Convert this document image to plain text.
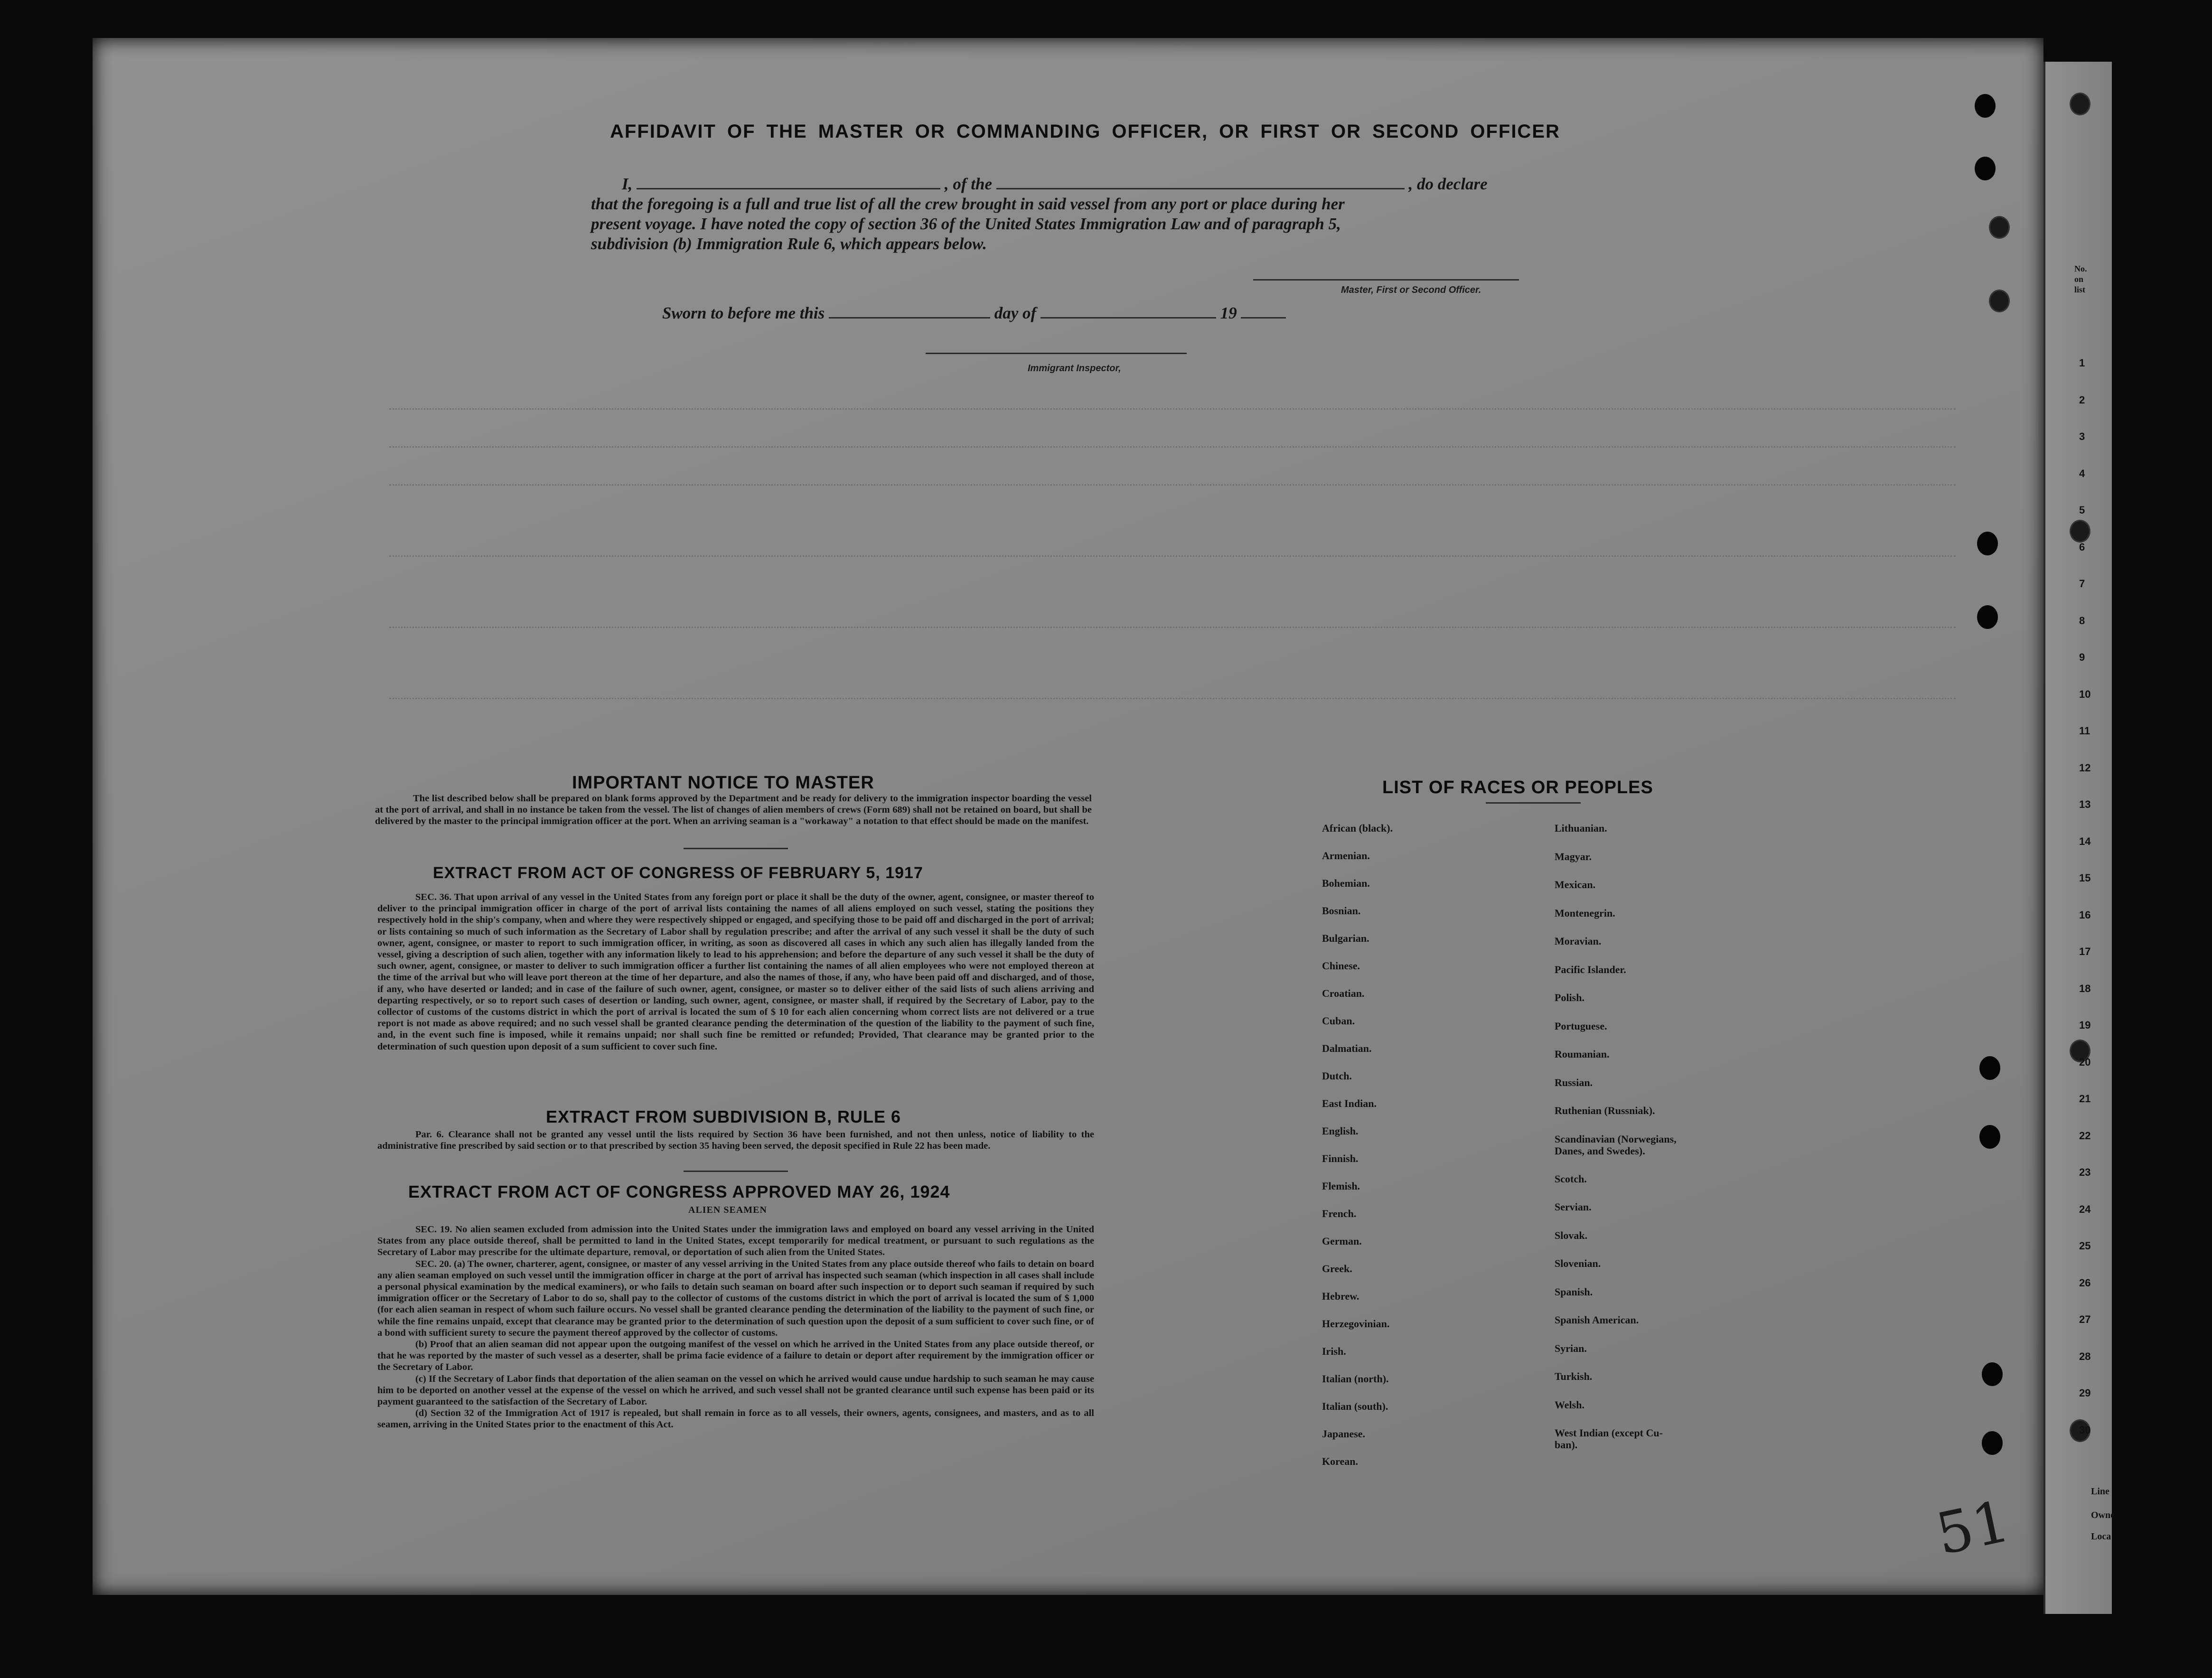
1
2
3
4
5
6
7
8
9
10
11
12
13
14
15
16
17
18
19
20
21
22
23
24
25
26
27
28
29
30
No.
on
list
Line
Owne
Loca
51
AFFIDAVIT OF THE MASTER OR COMMANDING OFFICER, OR FIRST OR SECOND OFFICER
I,	, of the	, do declare
that the foregoing is a full and true list of all the crew brought in said vessel from any port or place during her
present voyage. I have noted the copy of section 36 of the United States Immigration Law and of paragraph 5,
subdivision (b) Immigration Rule 6, which appears below.
Master, First or Second Officer.
Sworn to before me this	day of	19
Immigrant Inspector,
IMPORTANT NOTICE TO MASTER

The list described below shall be prepared on blank forms approved by the Department and be ready for delivery to the immigration inspector boarding the vessel at the port of arrival, and shall in no instance be taken from the vessel. The list of changes of alien members of crews (Form 689) shall not be retained on board, but shall be delivered by the master to the principal immigration officer at the port. When an arriving seaman is a "workaway" a notation to that effect should be made on the manifest.

EXTRACT FROM ACT OF CONGRESS OF FEBRUARY 5, 1917

SEC. 36. That upon arrival of any vessel in the United States from any foreign port or place it shall be the duty of the owner, agent, consignee, or master thereof to deliver to the principal immigration officer in charge of the port of arrival lists containing the names of all aliens employed on such vessel, stating the positions they respectively hold in the ship's company, when and where they were respectively shipped or engaged, and specifying those to be paid off and discharged in the port of arrival; or lists containing so much of such information as the Secretary of Labor shall by regulation prescribe; and after the arrival of any such vessel it shall be the duty of such owner, agent, consignee, or master to report to such immigration officer, in writing, as soon as discovered all cases in which any such alien has illegally landed from the vessel, giving a description of such alien, together with any information likely to lead to his apprehension; and before the departure of any such vessel it shall be the duty of such owner, agent, consignee, or master to deliver to such immigration officer a further list containing the names of all alien employees who were not employed thereon at the time of the arrival but who will leave port thereon at the time of her departure, and also the names of those, if any, who have been paid off and discharged, and of those, if any, who have deserted or landed; and in case of the failure of such owner, agent, consignee, or master so to deliver either of the said lists of such aliens arriving and departing respectively, or so to report such cases of desertion or landing, such owner, agent, consignee, or master shall, if required by the Secretary of Labor, pay to the collector of customs of the customs district in which the port of arrival is located the sum of $ 10 for each alien concerning whom correct lists are not delivered or a true report is not made as above required; and no such vessel shall be granted clearance pending the determination of the question of the liability to the payment of such fine, and, in the event such fine is imposed, while it remains unpaid; nor shall such fine be remitted or refunded; Provided, That clearance may be granted prior to the determination of such question upon deposit of a sum sufficient to cover such fine.

EXTRACT FROM SUBDIVISION B, RULE 6

Par. 6. Clearance shall not be granted any vessel until the lists required by Section 36 have been furnished, and not then unless, notice of liability to the administrative fine prescribed by said section or to that prescribed by section 35 having been served, the deposit specified in Rule 22 has been made.

EXTRACT FROM ACT OF CONGRESS APPROVED MAY 26, 1924
ALIEN SEAMEN

SEC. 19. No alien seamen excluded from admission into the United States under the immigration laws and employed on board any vessel arriving in the United States from any place outside thereof, shall be permitted to land in the United States, except temporarily for medical treatment, or pursuant to such regulations as the Secretary of Labor may prescribe for the ultimate departure, removal, or deportation of such alien from the United States.

SEC. 20. (a) The owner, charterer, agent, consignee, or master of any vessel arriving in the United States from any place outside thereof who fails to detain on board any alien seaman employed on such vessel until the immigration officer in charge at the port of arrival has inspected such seaman (which inspection in all cases shall include a personal physical examination by the medical examiners), or who fails to detain such seaman on board after such inspection or to deport such seaman if required by such immigration officer or the Secretary of Labor to do so, shall pay to the collector of customs of the customs district in which the port of arrival is located the sum of $ 1,000 (for each alien seaman in respect of whom such failure occurs. No vessel shall be granted clearance pending the determination of the liability to the payment of such fine, or while the fine remains unpaid, except that clearance may be granted prior to the determination of such question upon the deposit of a sum sufficient to cover such fine, or of a bond with sufficient surety to secure the payment thereof approved by the collector of customs.

(b) Proof that an alien seaman did not appear upon the outgoing manifest of the vessel on which he arrived in the United States from any place outside thereof, or that he was reported by the master of such vessel as a deserter, shall be prima facie evidence of a failure to detain or deport after requirement by the immigration officer or the Secretary of Labor.

(c) If the Secretary of Labor finds that deportation of the alien seaman on the vessel on which he arrived would cause undue hardship to such seaman he may cause him to be deported on another vessel at the expense of the vessel on which he arrived, and such vessel shall not be granted clearance until such expense has been paid or its payment guaranteed to the satisfaction of the Secretary of Labor.

(d) Section 32 of the Immigration Act of 1917 is repealed, but shall remain in force as to all vessels, their owners, agents, consignees, and masters, and as to all seamen, arriving in the United States prior to the enactment of this Act.

LIST OF RACES OR PEOPLES
African (black).
Armenian.
Bohemian.
Bosnian.
Bulgarian.
Chinese.
Croatian.
Cuban.
Dalmatian.
Dutch.
East Indian.
English.
Finnish.
Flemish.
French.
German.
Greek.
Hebrew.
Herzegovinian.
Irish.
Italian (north).
Italian (south).
Japanese.
Korean.
Lithuanian.
Magyar.
Mexican.
Montenegrin.
Moravian.
Pacific Islander.
Polish.
Portuguese.
Roumanian.
Russian.
Ruthenian (Russniak).
Scandinavian (Norwegians,
Danes, and Swedes).
Scotch.
Servian.
Slovak.
Slovenian.
Spanish.
Spanish American.
Syrian.
Turkish.
Welsh.
West Indian (except Cu-
ban).
